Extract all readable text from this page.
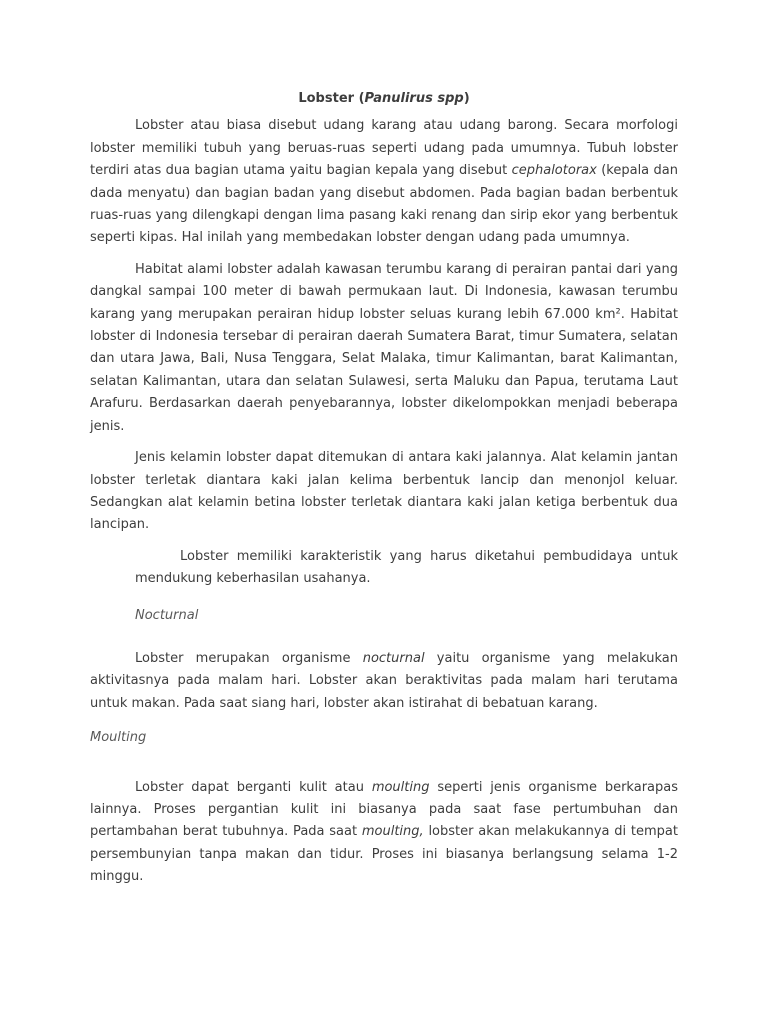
Lobster (Panulirus spp)

Lobster atau biasa disebut udang karang atau udang barong. Secara morfologi lobster memiliki tubuh yang beruas-ruas seperti udang pada umumnya. Tubuh lobster terdiri atas dua bagian utama yaitu bagian kepala yang disebut cephalotorax (kepala dan dada menyatu) dan bagian badan yang disebut abdomen. Pada bagian badan berbentuk ruas-ruas yang dilengkapi dengan lima pasang kaki renang dan sirip ekor yang berbentuk seperti kipas. Hal inilah yang membedakan lobster dengan udang pada umumnya.

Habitat alami lobster adalah kawasan terumbu karang di perairan pantai dari yang dangkal sampai 100 meter di bawah permukaan laut. Di Indonesia, kawasan terumbu karang yang merupakan perairan hidup lobster seluas kurang lebih 67.000 km². Habitat lobster di Indonesia tersebar di perairan daerah Sumatera Barat, timur Sumatera, selatan dan utara Jawa, Bali, Nusa Tenggara, Selat Malaka, timur Kalimantan, barat Kalimantan, selatan Kalimantan, utara dan selatan Sulawesi, serta Maluku dan Papua, terutama Laut Arafuru. Berdasarkan daerah penyebarannya, lobster dikelompokkan menjadi beberapa jenis.

Jenis kelamin lobster dapat ditemukan di antara kaki jalannya. Alat kelamin jantan lobster terletak diantara kaki jalan kelima berbentuk lancip dan menonjol keluar. Sedangkan alat kelamin betina lobster terletak diantara kaki jalan ketiga berbentuk dua lancipan.

Lobster memiliki karakteristik yang harus diketahui pembudidaya untuk mendukung keberhasilan usahanya.

Nocturnal

Lobster merupakan organisme nocturnal yaitu organisme yang melakukan aktivitasnya pada malam hari. Lobster akan beraktivitas pada malam hari terutama untuk makan. Pada saat siang hari, lobster akan istirahat di bebatuan karang.

Moulting

Lobster dapat berganti kulit atau moulting seperti jenis organisme berkarapas lainnya. Proses pergantian kulit ini biasanya pada saat fase pertumbuhan dan pertambahan berat tubuhnya. Pada saat moulting, lobster akan melakukannya di tempat persembunyian tanpa makan dan tidur. Proses ini biasanya berlangsung selama 1-2 minggu.
